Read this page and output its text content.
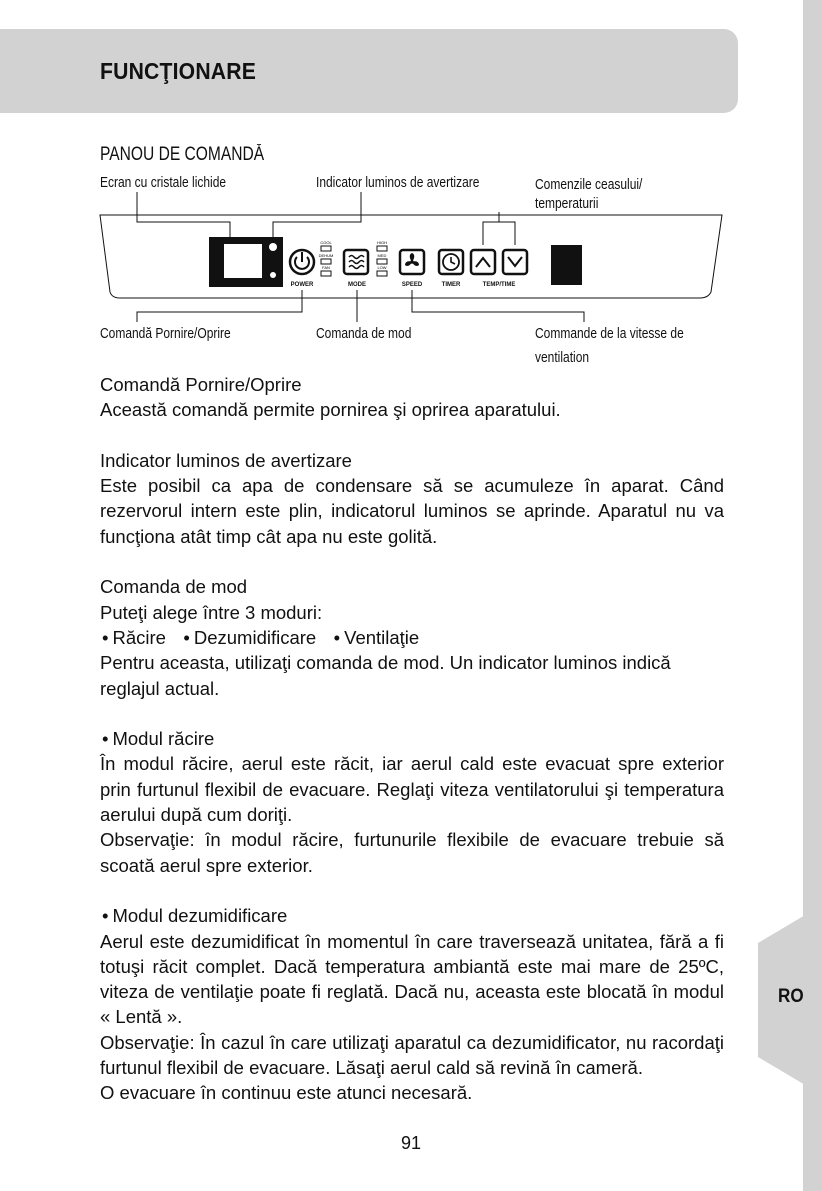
RO
FUNCŢIONARE
PANOU DE COMANDĂ
Ecran cu cristale lichide	Indicator luminos de avertizare	Comenzile ceasului/
temperaturii
Comandă Pornire/Oprire	Comanda de mod	Commande de la vitesse de
ventilation
COOL
DEHUM
FAN
HIGH
MED
LOW
POWER	MODE	SPEED	TIMER	TEMP/TIME

Comandă Pornire/Oprire

Această comandă permite pornirea şi oprirea aparatului.

Indicator luminos de avertizare

Este posibil ca apa de condensare să se acumuleze în aparat. Când rezervorul intern este plin, indicatorul luminos se aprinde. Aparatul nu va funcţiona atât timp cât apa nu este golită.

Comanda de mod

Puteţi alege între 3 moduri:

• Răcire • Dezumidificare • Ventilaţie

Pentru aceasta, utilizaţi comanda de mod. Un indicator luminos indică reglajul actual.

• Modul răcire

În modul răcire, aerul este răcit, iar aerul cald este evacuat spre exterior prin furtunul flexibil de evacuare. Reglaţi viteza ventilatorului şi temperatura aerului după cum doriţi.

Observaţie: în modul răcire, furtunurile flexibile de evacuare trebuie să scoată aerul spre exterior.

• Modul dezumidificare

Aerul este dezumidificat în momentul în care traversează unitatea, fără a fi totuşi răcit complet. Dacă temperatura ambiantă este mai mare de 25ºC, viteza de ventilaţie poate fi reglată. Dacă nu, aceasta este blocată în modul « Lentă ».

Observaţie: În cazul în care utilizaţi aparatul ca dezumidificator, nu racordaţi furtunul flexibil de evacuare. Lăsaţi aerul cald să revină în cameră.

O evacuare în continuu este atunci necesară.

91
